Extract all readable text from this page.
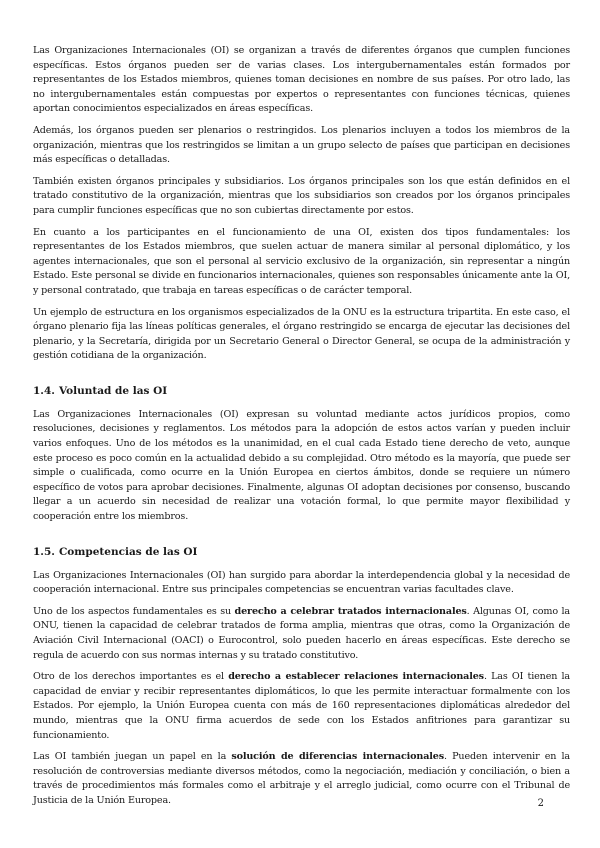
Las Organizaciones Internacionales (OI) se organizan a través de diferentes órganos que cumplen funciones específicas. Estos órganos pueden ser de varias clases. Los intergubernamentales están formados por representantes de los Estados miembros, quienes toman decisiones en nombre de sus países. Por otro lado, las no intergubernamentales están compuestas por expertos o representantes con funciones técnicas, quienes aportan conocimientos especializados en áreas específicas.

Además, los órganos pueden ser plenarios o restringidos. Los plenarios incluyen a todos los miembros de la organización, mientras que los restringidos se limitan a un grupo selecto de países que participan en decisiones más específicas o detalladas.

También existen órganos principales y subsidiarios. Los órganos principales son los que están definidos en el tratado constitutivo de la organización, mientras que los subsidiarios son creados por los órganos principales para cumplir funciones específicas que no son cubiertas directamente por estos.

En cuanto a los participantes en el funcionamiento de una OI, existen dos tipos fundamentales: los representantes de los Estados miembros, que suelen actuar de manera similar al personal diplomático, y los agentes internacionales, que son el personal al servicio exclusivo de la organización, sin representar a ningún Estado. Este personal se divide en funcionarios internacionales, quienes son responsables únicamente ante la OI, y personal contratado, que trabaja en tareas específicas o de carácter temporal.

Un ejemplo de estructura en los organismos especializados de la ONU es la estructura tripartita. En este caso, el órgano plenario fija las líneas políticas generales, el órgano restringido se encarga de ejecutar las decisiones del plenario, y la Secretaría, dirigida por un Secretario General o Director General, se ocupa de la administración y gestión cotidiana de la organización.

1.4. Voluntad de las OI

Las Organizaciones Internacionales (OI) expresan su voluntad mediante actos jurídicos propios, como resoluciones, decisiones y reglamentos. Los métodos para la adopción de estos actos varían y pueden incluir varios enfoques. Uno de los métodos es la unanimidad, en el cual cada Estado tiene derecho de veto, aunque este proceso es poco común en la actualidad debido a su complejidad. Otro método es la mayoría, que puede ser simple o cualificada, como ocurre en la Unión Europea en ciertos ámbitos, donde se requiere un número específico de votos para aprobar decisiones. Finalmente, algunas OI adoptan decisiones por consenso, buscando llegar a un acuerdo sin necesidad de realizar una votación formal, lo que permite mayor flexibilidad y cooperación entre los miembros.

1.5. Competencias de las OI

Las Organizaciones Internacionales (OI) han surgido para abordar la interdependencia global y la necesidad de cooperación internacional. Entre sus principales competencias se encuentran varias facultades clave.

Uno de los aspectos fundamentales es su derecho a celebrar tratados internacionales. Algunas OI, como la ONU, tienen la capacidad de celebrar tratados de forma amplia, mientras que otras, como la Organización de Aviación Civil Internacional (OACI) o Eurocontrol, solo pueden hacerlo en áreas específicas. Este derecho se regula de acuerdo con sus normas internas y su tratado constitutivo.

Otro de los derechos importantes es el derecho a establecer relaciones internacionales. Las OI tienen la capacidad de enviar y recibir representantes diplomáticos, lo que les permite interactuar formalmente con los Estados. Por ejemplo, la Unión Europea cuenta con más de 160 representaciones diplomáticas alrededor del mundo, mientras que la ONU firma acuerdos de sede con los Estados anfitriones para garantizar su funcionamiento.

Las OI también juegan un papel en la solución de diferencias internacionales. Pueden intervenir en la resolución de controversias mediante diversos métodos, como la negociación, mediación y conciliación, o bien a través de procedimientos más formales como el arbitraje y el arreglo judicial, como ocurre con el Tribunal de Justicia de la Unión Europea.	2
